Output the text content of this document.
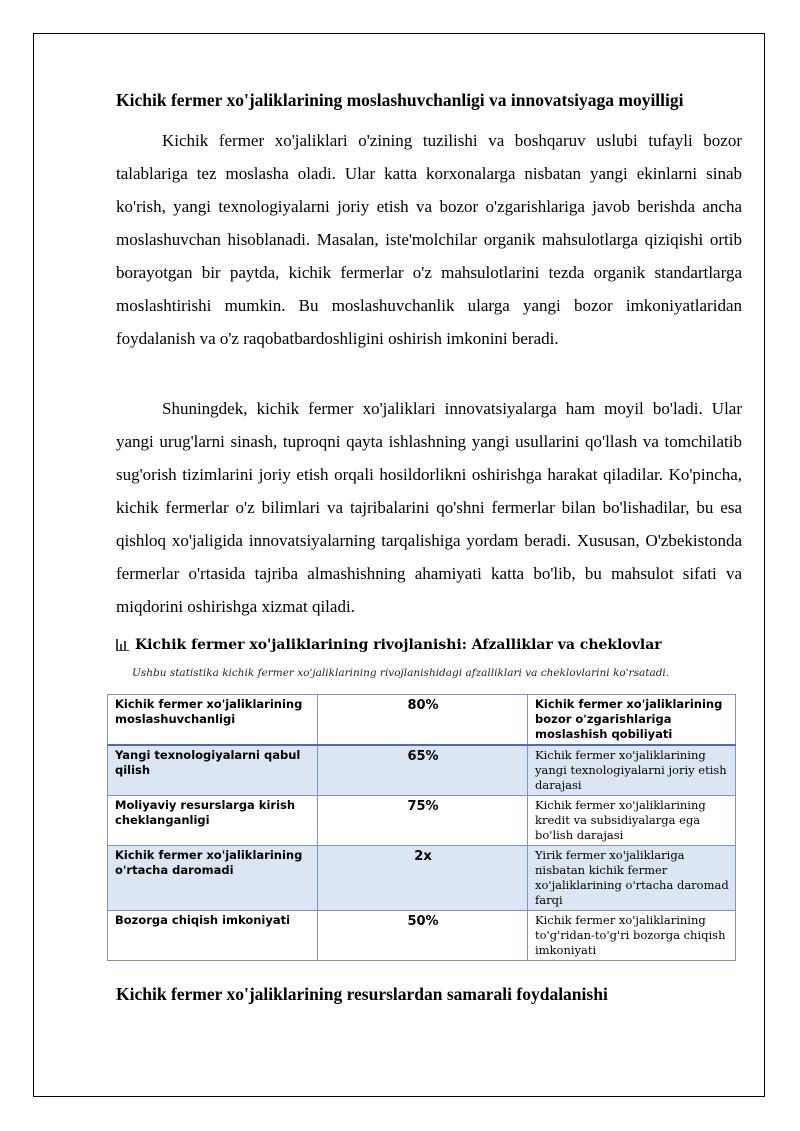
Kichik fermer xo'jaliklarining moslashuvchanligi va innovatsiyaga moyilligi

Kichik fermer xo'jaliklari o'zining tuzilishi va boshqaruv uslubi tufayli bozor talablariga tez moslasha oladi. Ular katta korxonalarga nisbatan yangi ekinlarni sinab ko'rish, yangi texnologiyalarni joriy etish va bozor o'zgarishlariga javob berishda ancha moslashuvchan hisoblanadi. Masalan, iste'molchilar organik mahsulotlarga qiziqishi ortib borayotgan bir paytda, kichik fermerlar o'z mahsulotlarini tezda organik standartlarga moslashtirishi mumkin. Bu moslashuvchanlik ularga yangi bozor imkoniyatlaridan foydalanish va o'z raqobatbardoshligini oshirish imkonini beradi.

Shuningdek, kichik fermer xo'jaliklari innovatsiyalarga ham moyil bo'ladi. Ular yangi urug'larni sinash, tuproqni qayta ishlashning yangi usullarini qo'llash va tomchilatib sug'orish tizimlarini joriy etish orqali hosildorlikni oshirishga harakat qiladilar. Ko'pincha, kichik fermerlar o'z bilimlari va tajribalarini qo'shni fermerlar bilan bo'lishadilar, bu esa qishloq xo'jaligida innovatsiyalarning tarqalishiga yordam beradi. Xususan, O'zbekistonda fermerlar o'rtasida tajriba almashishning ahamiyati katta bo'lib, bu mahsulot sifati va miqdorini oshirishga xizmat qiladi.

Kichik fermer xo'jaliklarining rivojlanishi: Afzalliklar va cheklovlar
Ushbu statistika kichik fermer xo'jaliklarining rivojlanishidagi afzalliklari va cheklovlarini ko'rsatadi.
Kichik fermer xo'jaliklarining moslashuvchanligi	80%	Kichik fermer xo'jaliklarining bozor o'zgarishlariga moslashish qobiliyati
Yangi texnologiyalarni qabul qilish	65%	Kichik fermer xo'jaliklarining yangi texnologiyalarni joriy etish darajasi
Moliyaviy resurslarga kirish cheklanganligi	75%	Kichik fermer xo'jaliklarining kredit va subsidiyalarga ega bo'lish darajasi
Kichik fermer xo'jaliklarining o'rtacha daromadi	2x	Yirik fermer xo'jaliklariga nisbatan kichik fermer xo'jaliklarining o'rtacha daromad farqi
Bozorga chiqish imkoniyati	50%	Kichik fermer xo'jaliklarining to'g'ridan-to'g'ri bozorga chiqish imkoniyati
Kichik fermer xo'jaliklarining resurslardan samarali foydalanishi
